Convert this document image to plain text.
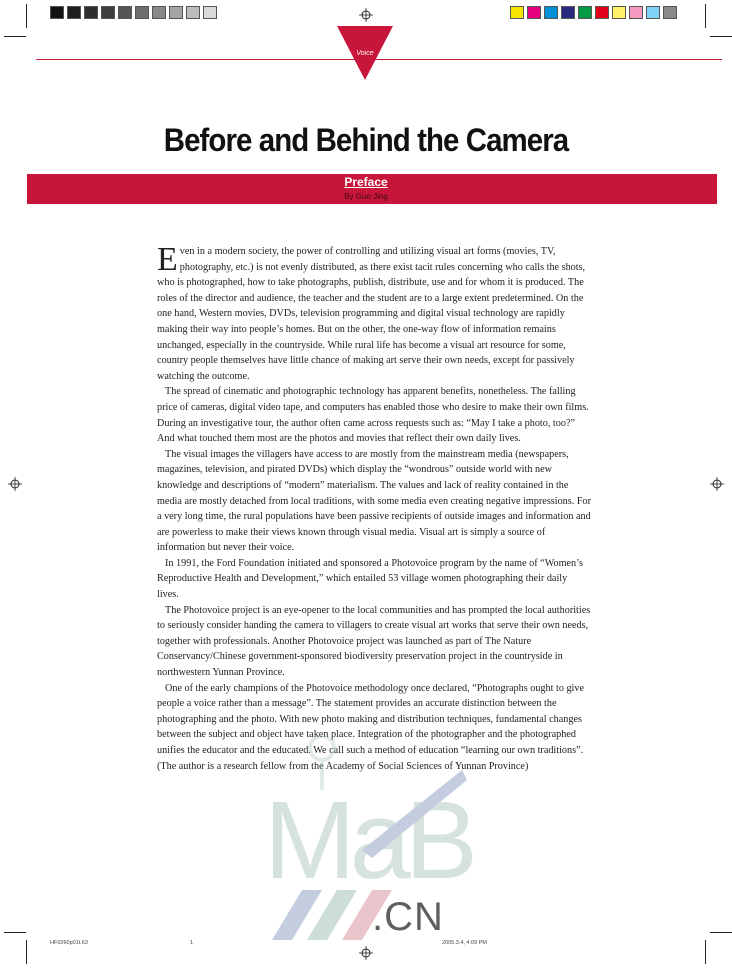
Voice
Before and Behind the Camera
Preface
By Guo Jing

Even in a modern society, the power of controlling and utilizing visual art forms (movies, TV, photography, etc.) is not evenly distributed, as there exist tacit rules concerning who calls the shots, who is photographed, how to take photographs, publish, distribute, use and for whom it is produced. The roles of the director and audience, the teacher and the student are to a large extent predetermined. On the one hand, Western movies, DVDs, television programming and digital visual technology are rapidly making their way into people’s homes. But on the other, the one-way flow of information remains unchanged, especially in the countryside. While rural life has become a visual art resource for some, country people themselves have little chance of making art serve their own needs, except for passively watching the outcome.

The spread of cinematic and photographic technology has apparent benefits, nonetheless. The falling price of cameras, digital video tape, and computers has enabled those who desire to make their own films. During an investigative tour, the author often came across requests such as: “May I take a photo, too?” And what touched them most are the photos and movies that reflect their own daily lives.

The visual images the villagers have access to are mostly from the mainstream media (newspapers, magazines, television, and pirated DVDs) which display the “wondrous” outside world with new knowledge and descriptions of “modern” materialism. The values and lack of reality contained in the media are mostly detached from local traditions, with some media even creating negative impressions. For a very long time, the rural populations have been passive recipients of outside images and information and are powerless to make their views known through visual media. Visual art is simply a source of information but never their voice.

In 1991, the Ford Foundation initiated and sponsored a Photovoice program by the name of “Women’s Reproductive Health and Development,” which entailed 53 village women photographing their daily lives.

The Photovoice project is an eye-opener to the local communities and has prompted the local authorities to seriously consider handing the camera to villagers to create visual art works that serve their own needs, together with professionals. Another Photovoice project was launched as part of The Nature Conservancy/Chinese government-sponsored biodiversity preservation project in the countryside in northwestern Yunnan Province.

One of the early champions of the Photovoice methodology once declared, “Photographs ought to give people a voice rather than a message”. The statement provides an accurate distinction between the photographing and the photo. With new photo making and distribution techniques, fundamental changes between the subject and object have taken place. Integration of the photographer and the photographed unifies the educator and the educated. We call such a method of education “learning our own traditions”.

(The author is a research fellow from the Academy of Social Sciences of Yunnan Province)

MaB
.CN
HF0260p01t.63	1	2005.3.4, 4:09 PM
